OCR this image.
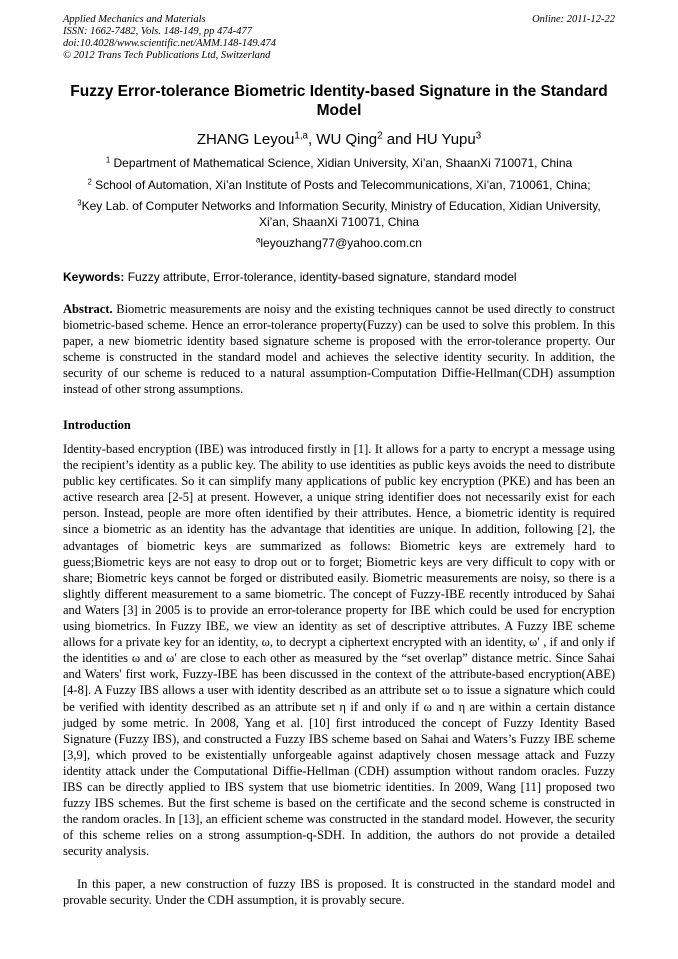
Applied Mechanics and Materials
ISSN: 1662-7482, Vols. 148-149, pp 474-477
doi:10.4028/www.scientific.net/AMM.148-149.474
© 2012 Trans Tech Publications Ltd, Switzerland
Online: 2011-12-22
Fuzzy Error-tolerance Biometric Identity-based Signature in the Standard Model
ZHANG Leyou$^{1,a}$, WU Qing$^2$ and HU Yupu$^3$
$^1$ Department of Mathematical Science, Xidian University, Xi’an, ShaanXi 710071, China
$^2$ School of Automation, Xi’an Institute of Posts and Telecommunications, Xi’an, 710061, China;
$^3$Key Lab. of Computer Networks and Information Security, Ministry of Education, Xidian University, Xi’an, ShaanXi 710071, China
$^a$leyouzhang77@yahoo.com.cn
Keywords: Fuzzy attribute, Error-tolerance, identity-based signature, standard model
Abstract. Biometric measurements are noisy and the existing techniques cannot be used directly to construct biometric-based scheme. Hence an error-tolerance property(Fuzzy) can be used to solve this problem. In this paper, a new biometric identity based signature scheme is proposed with the error-tolerance property. Our scheme is constructed in the standard model and achieves the selective identity security. In addition, the security of our scheme is reduced to a natural assumption-Computation Diffie-Hellman(CDH) assumption instead of other strong assumptions.
Introduction
Identity-based encryption (IBE) was introduced firstly in [1]. It allows for a party to encrypt a message using the recipient’s identity as a public key. The ability to use identities as public keys avoids the need to distribute public key certificates. So it can simplify many applications of public key encryption (PKE) and has been an active research area [2-5] at present. However, a unique string identifier does not necessarily exist for each person. Instead, people are more often identified by their attributes. Hence, a biometric identity is required since a biometric as an identity has the advantage that identities are unique. In addition, following [2], the advantages of biometric keys are summarized as follows: Biometric keys are extremely hard to guess;Biometric keys are not easy to drop out or to forget; Biometric keys are very difficult to copy with or share; Biometric keys cannot be forged or distributed easily. Biometric measurements are noisy, so there is a slightly different measurement to a same biometric. The concept of Fuzzy-IBE recently introduced by Sahai and Waters [3] in 2005 is to provide an error-tolerance property for IBE which could be used for encryption using biometrics. In Fuzzy IBE, we view an identity as set of descriptive attributes. A Fuzzy IBE scheme allows for a private key for an identity, ω, to decrypt a ciphertext encrypted with an identity, ω′ , if and only if the identities ω and ω′ are close to each other as measured by the “set overlap” distance metric. Since Sahai and Waters' first work, Fuzzy-IBE has been discussed in the context of the attribute-based encryption(ABE)[4-8]. A Fuzzy IBS allows a user with identity described as an attribute set ω to issue a signature which could be verified with identity described as an attribute set η if and only if ω and η are within a certain distance judged by some metric. In 2008, Yang et al. [10] first introduced the concept of Fuzzy Identity Based Signature (Fuzzy IBS), and constructed a Fuzzy IBS scheme based on Sahai and Waters’s Fuzzy IBE scheme [3,9], which proved to be existentially unforgeable against adaptively chosen message attack and Fuzzy identity attack under the Computational Diffie-Hellman (CDH) assumption without random oracles. Fuzzy IBS can be directly applied to IBS system that use biometric identities. In 2009, Wang [11] proposed two fuzzy IBS schemes. But the first scheme is based on the certificate and the second scheme is constructed in the random oracles. In [13], an efficient scheme was constructed in the standard model. However, the security of this scheme relies on a strong assumption-q-SDH. In addition, the authors do not provide a detailed security analysis.
In this paper, a new construction of fuzzy IBS is proposed. It is constructed in the standard model and provable security. Under the CDH assumption, it is provably secure.
